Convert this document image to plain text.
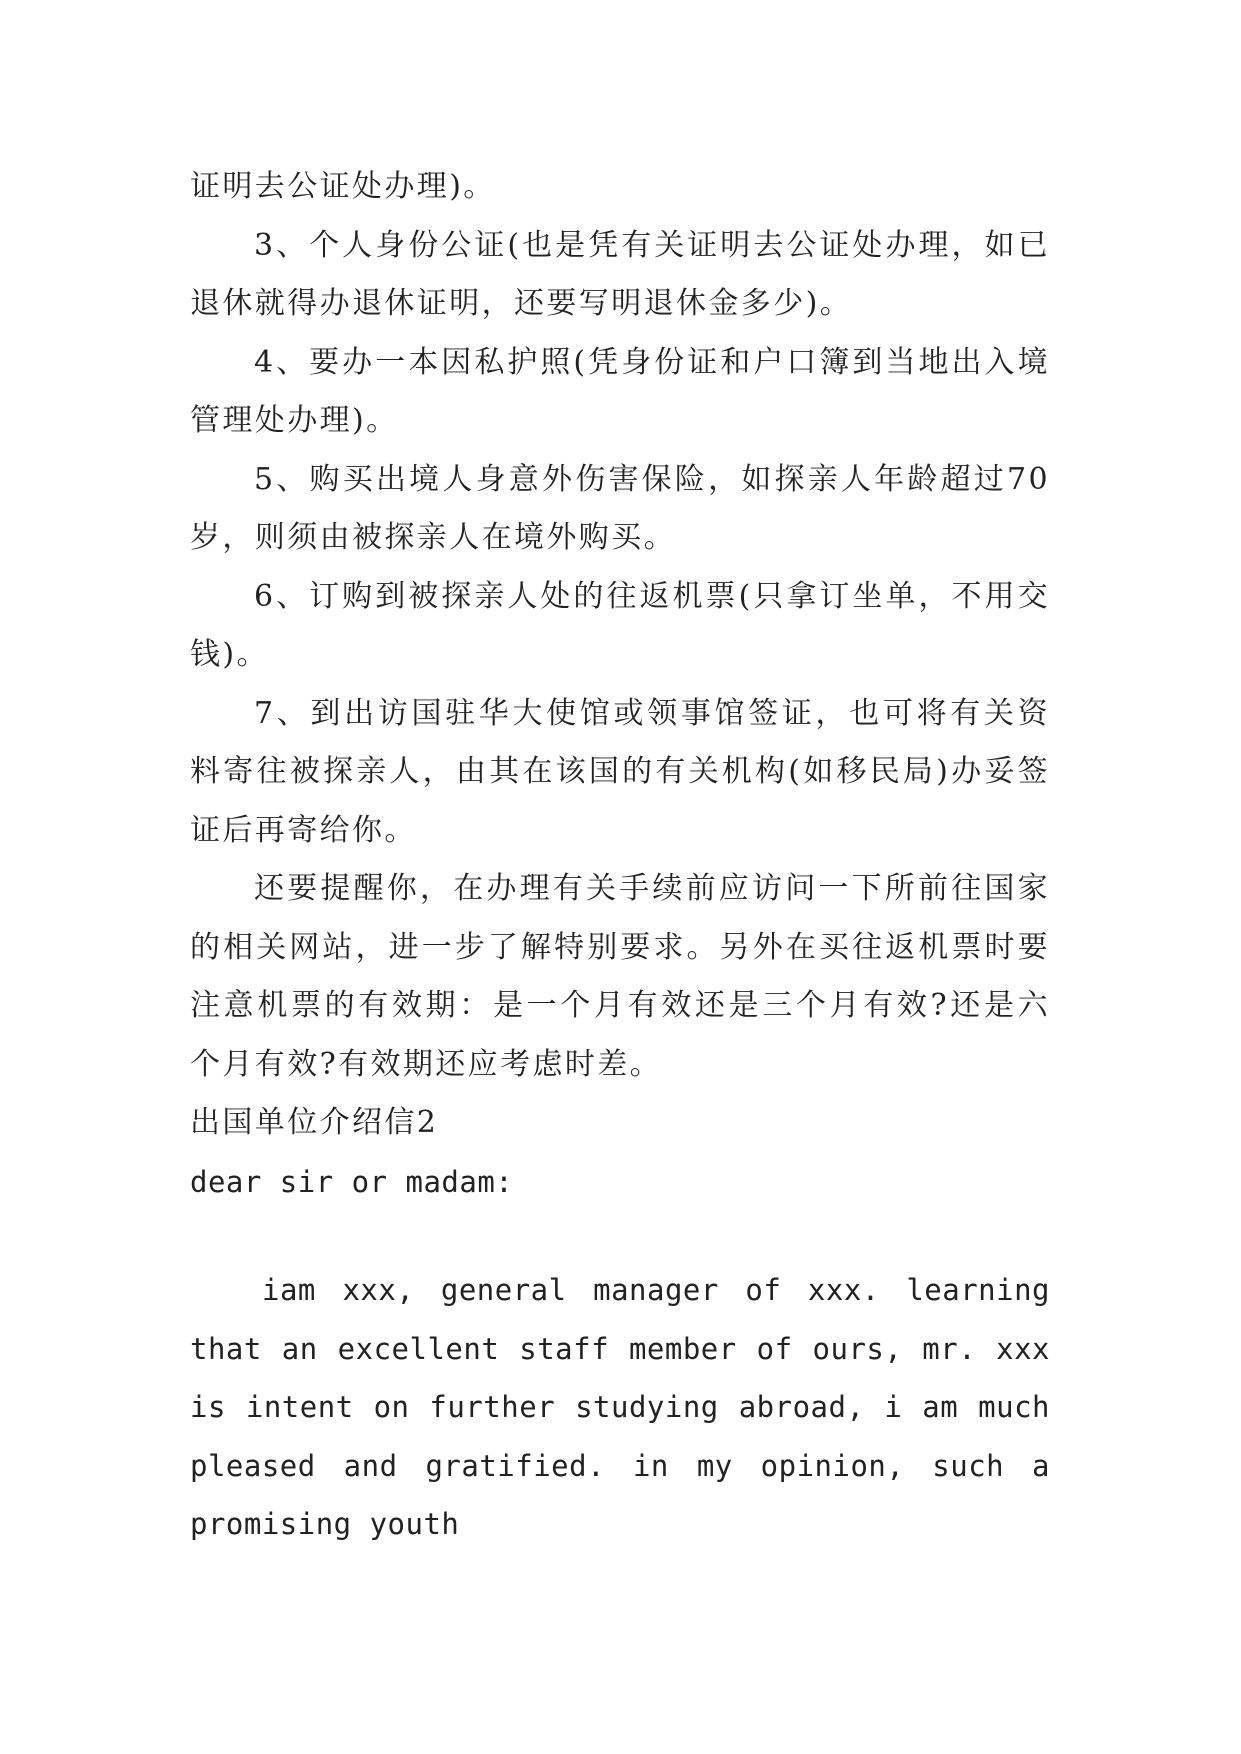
证明去公证处办理)。

3、个人身份公证(也是凭有关证明去公证处办理，如已退休就得办退休证明，还要写明退休金多少)。

4、要办一本因私护照(凭身份证和户口簿到当地出入境管理处办理)。

5、购买出境人身意外伤害保险，如探亲人年龄超过70岁，则须由被探亲人在境外购买。

6、订购到被探亲人处的往返机票(只拿订坐单，不用交钱)。

7、到出访国驻华大使馆或领事馆签证，也可将有关资料寄往被探亲人，由其在该国的有关机构(如移民局)办妥签证后再寄给你。

还要提醒你，在办理有关手续前应访问一下所前往国家的相关网站，进一步了解特别要求。另外在买往返机票时要注意机票的有效期：是一个月有效还是三个月有效?还是六个月有效?有效期还应考虑时差。

出国单位介绍信2

dear sir or madam:

iam xxx, general manager of xxx. learning that an excellent staff member of ours, mr. xxx is intent on further studying abroad, i am much pleased and gratified. in my opinion, such a promising youth
